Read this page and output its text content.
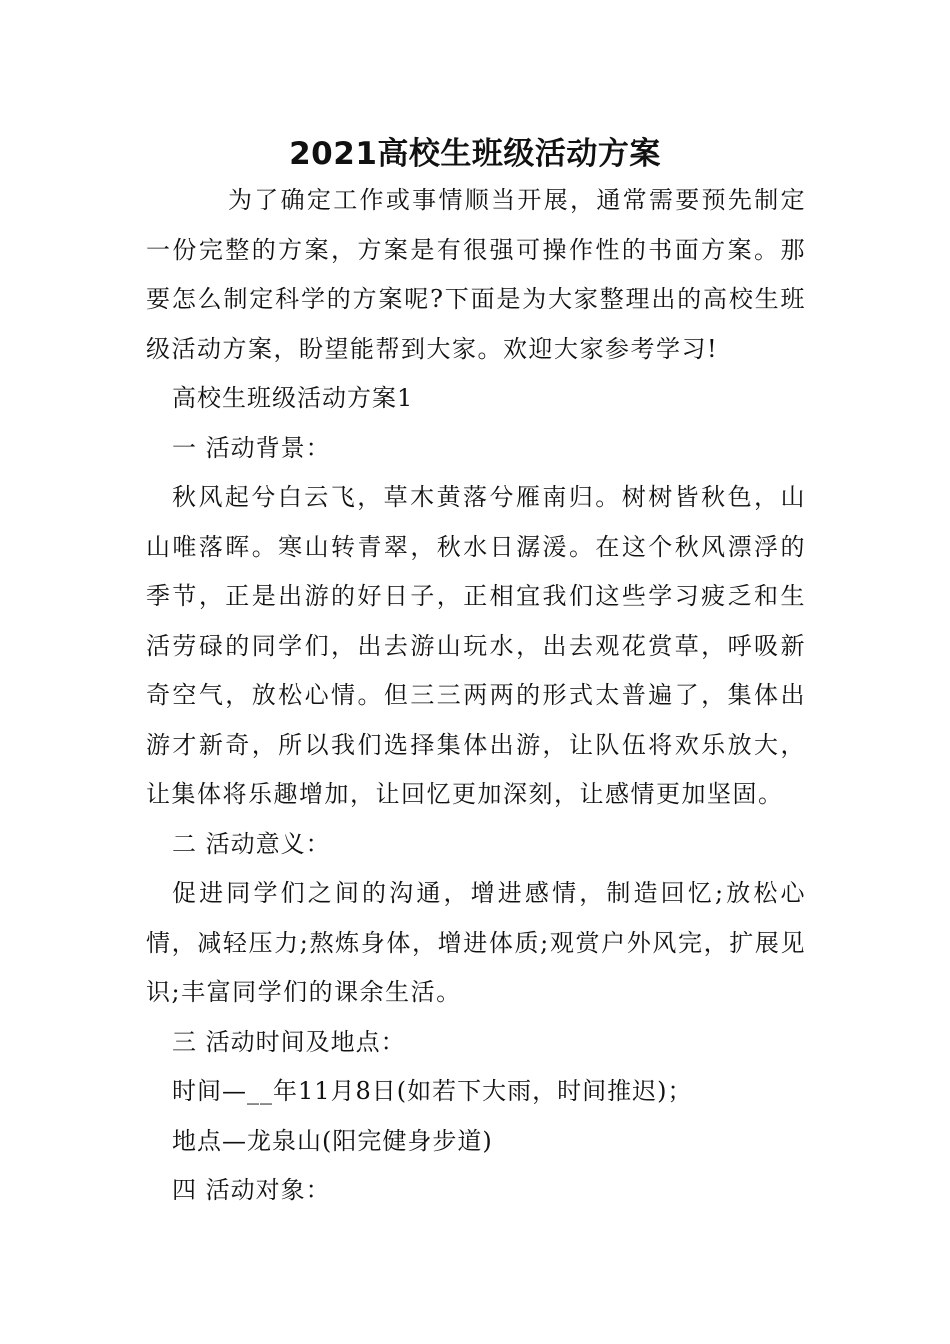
2021高校生班级活动方案

为了确定工作或事情顺当开展，通常需要预先制定一份完整的方案，方案是有很强可操作性的书面方案。那要怎么制定科学的方案呢?下面是为大家整理出的高校生班级活动方案，盼望能帮到大家。欢迎大家参考学习!

高校生班级活动方案1

一 活动背景：

秋风起兮白云飞，草木黄落兮雁南归。树树皆秋色，山山唯落晖。寒山转青翠，秋水日潺湲。在这个秋风漂浮的季节，正是出游的好日子，正相宜我们这些学习疲乏和生活劳碌的同学们，出去游山玩水，出去观花赏草，呼吸新奇空气，放松心情。但三三两两的形式太普遍了，集体出游才新奇，所以我们选择集体出游，让队伍将欢乐放大，让集体将乐趣增加，让回忆更加深刻，让感情更加坚固。

二 活动意义：

促进同学们之间的沟通，增进感情，制造回忆;放松心情，减轻压力;熬炼身体，增进体质;观赏户外风完，扩展见识;丰富同学们的课余生活。

三 活动时间及地点：

时间—__年11月8日(如若下大雨，时间推迟)；

地点—龙泉山(阳完健身步道)

四 活动对象：
